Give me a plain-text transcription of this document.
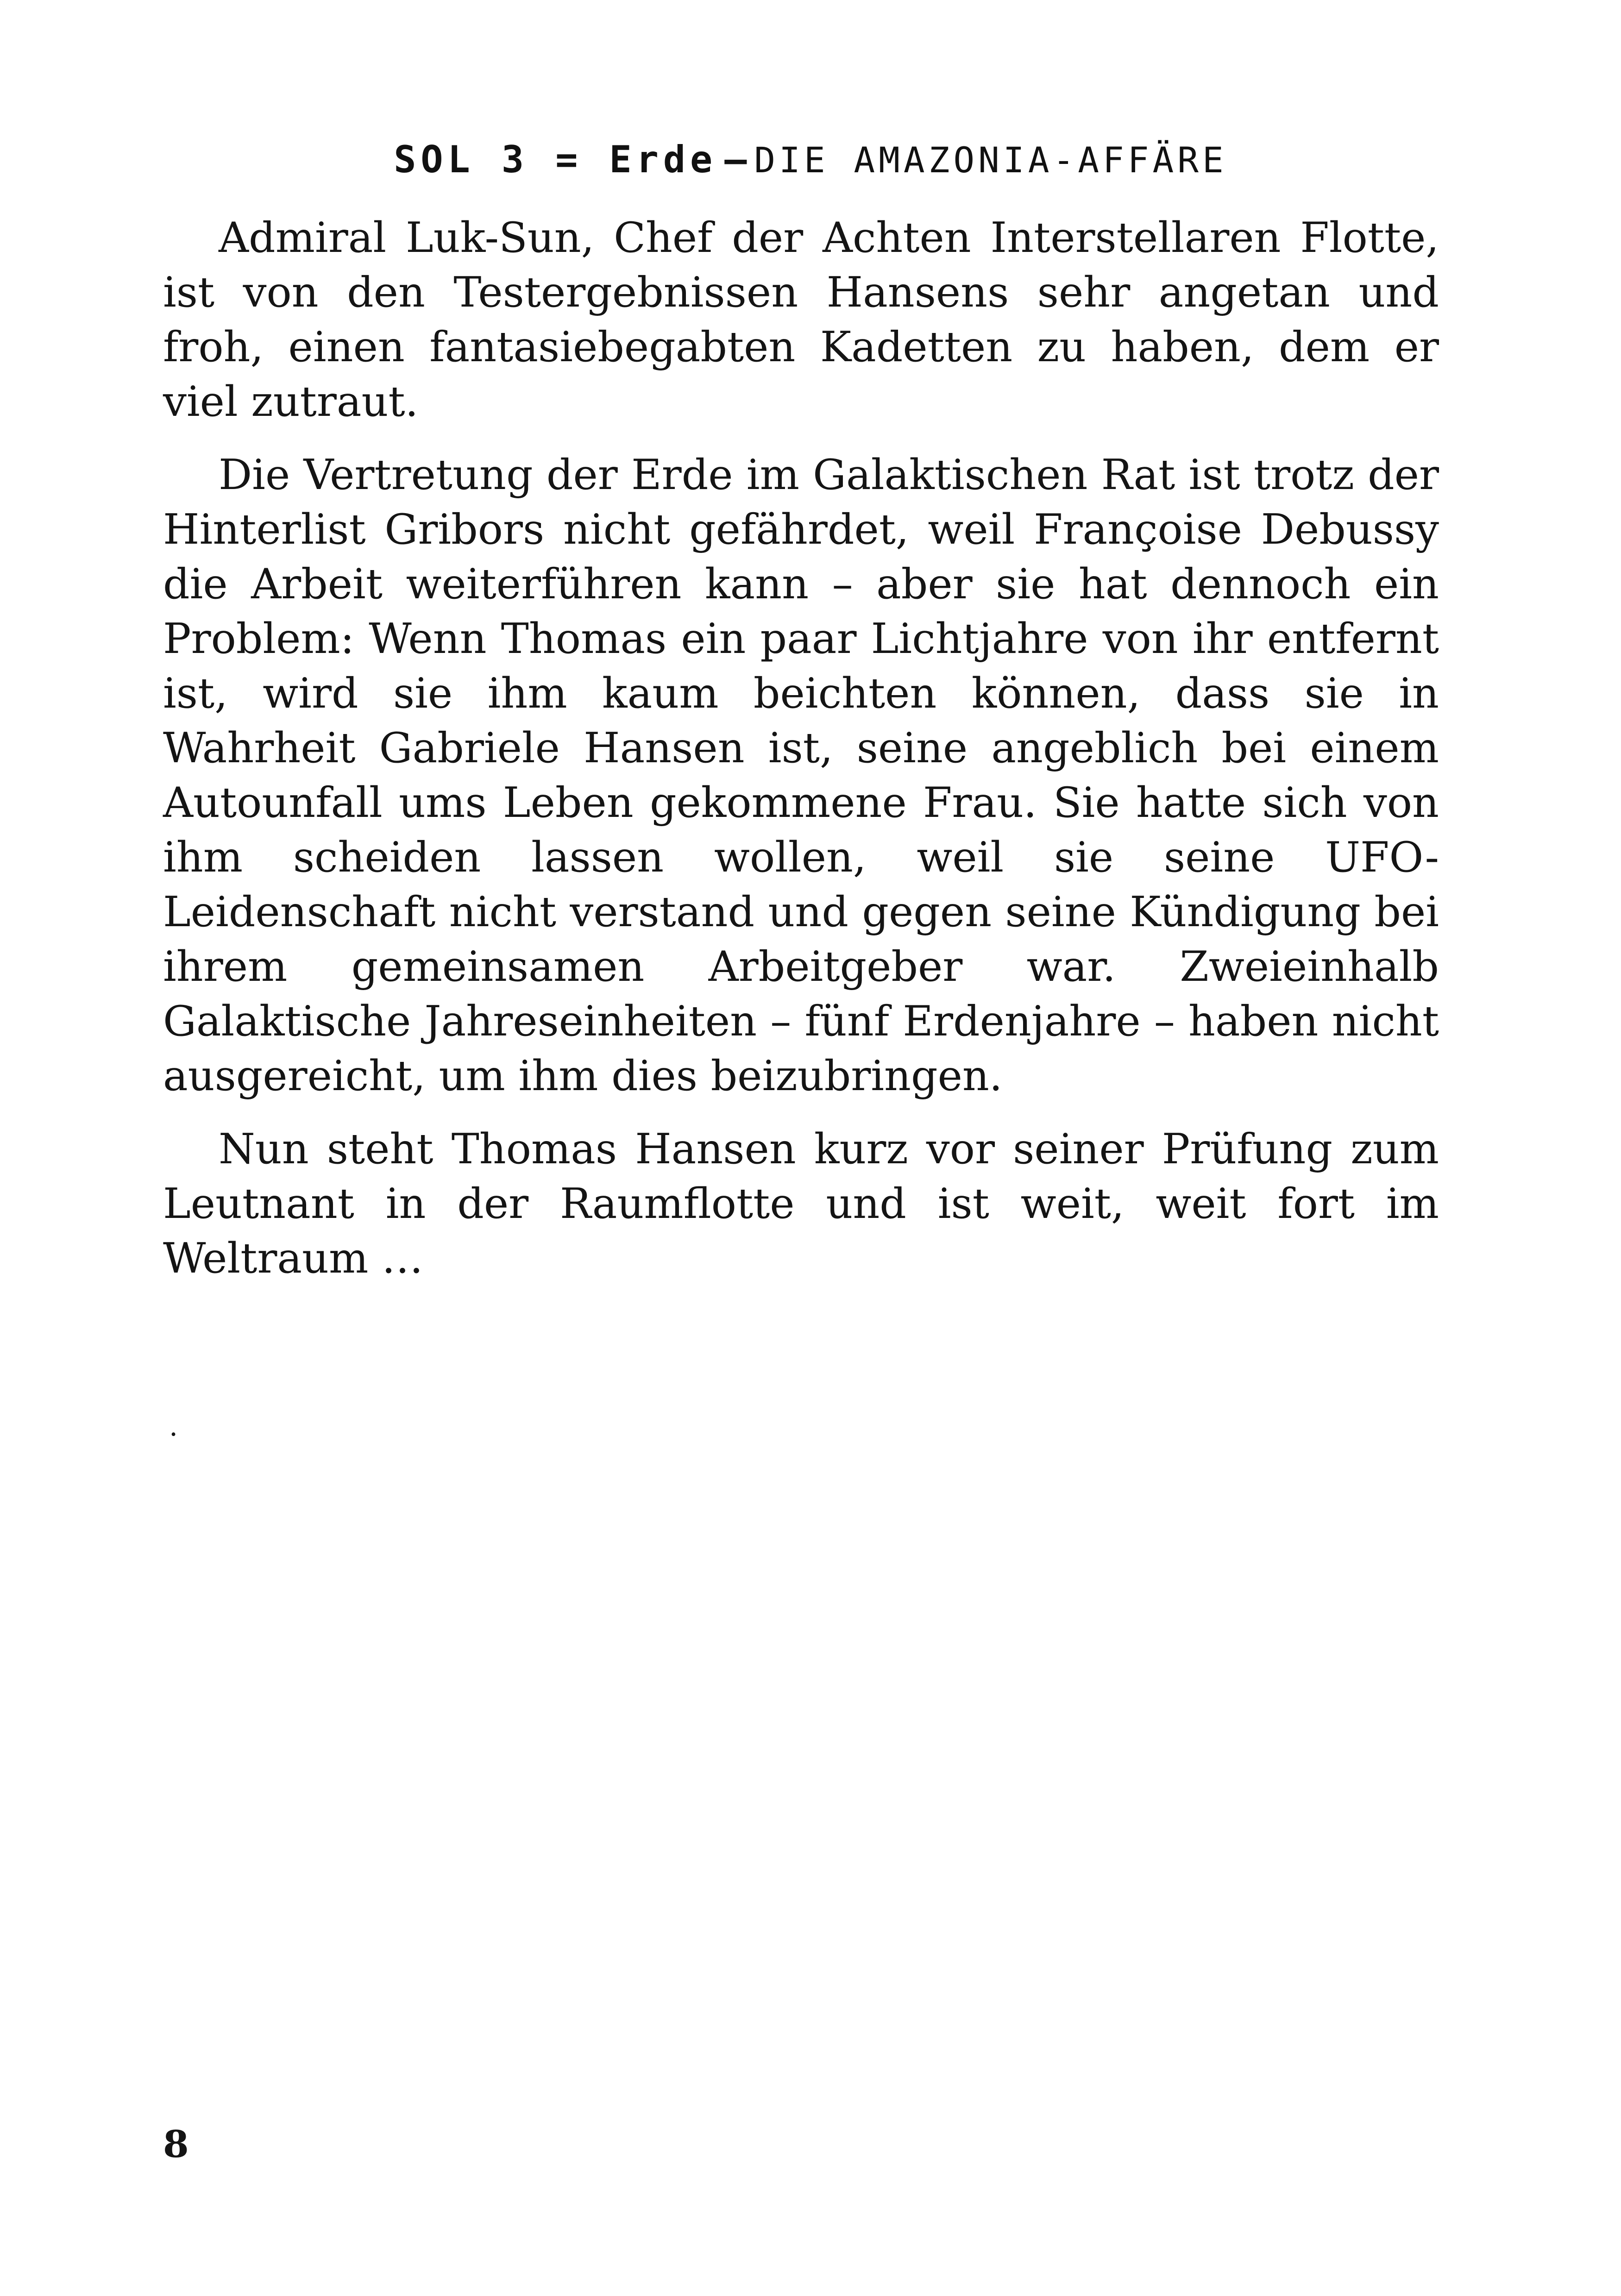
SOL 3 = Erde – DIE AMAZONIA-AFFÄRE

Admiral Luk-Sun, Chef der Achten Interstellaren Flotte, ist von den Testergebnissen Hansens sehr angetan und froh, einen fantasiebegabten Kadetten zu haben, dem er viel zutraut.

Die Vertretung der Erde im Galaktischen Rat ist trotz der Hinterlist Gribors nicht gefährdet, weil Françoise Debussy die Arbeit weiterführen kann – aber sie hat dennoch ein Problem: Wenn Thomas ein paar Lichtjahre von ihr entfernt ist, wird sie ihm kaum beichten können, dass sie in Wahrheit Gabriele Hansen ist, seine angeblich bei einem Autounfall ums Leben gekommene Frau. Sie hatte sich von ihm scheiden lassen wollen, weil sie seine UFO-Leidenschaft nicht verstand und gegen seine Kündigung bei ihrem gemeinsamen Arbeitgeber war. Zweieinhalb Galaktische Jahreseinheiten – fünf Erdenjahre – haben nicht ausgereicht, um ihm dies beizubringen.

Nun steht Thomas Hansen kurz vor seiner Prüfung zum Leutnant in der Raumflotte und ist weit, weit fort im Weltraum …

.
8
